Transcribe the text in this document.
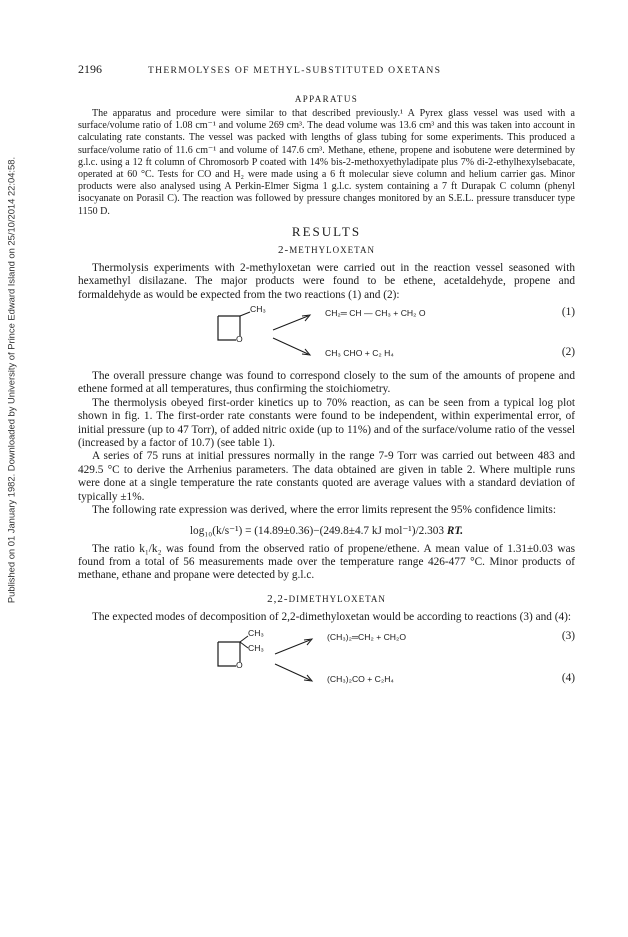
Published on 01 January 1982. Downloaded by University of Prince Edward Island on 25/10/2014 22:04:58.
2196	THERMOLYSES OF METHYL-SUBSTITUTED OXETANS
APPARATUS

The apparatus and procedure were similar to that described previously.¹ A Pyrex glass vessel was used with a surface/volume ratio of 1.08 cm⁻¹ and volume 269 cm³. The dead volume was 13.6 cm³ and this was taken into account in calculating rate constants. The vessel was packed with lengths of glass tubing for some experiments. This produced a surface/volume ratio of 11.6 cm⁻¹ and volume of 147.6 cm³. Methane, ethene, propene and isobutene were determined by g.l.c. using a 12 ft column of Chromosorb P coated with 14% bis-2-methoxyethyladipate plus 7% di-2-ethylhexylsebacate, operated at 60 °C. Tests for CO and H₂ were made using a 6 ft molecular sieve column and helium carrier gas. Minor products were also analysed using A Perkin-Elmer Sigma 1 g.l.c. system containing a 7 ft Durapak C column (phenyl isocyanate on Porasil C). The reaction was followed by pressure changes monitored by an S.E.L. pressure transducer type 1150 D.

RESULTS
2-METHYLOXETAN

Thermolysis experiments with 2-methyloxetan were carried out in the reaction vessel seasoned with hexamethyl disilazane. The major products were found to be ethene, acetaldehyde, propene and formaldehyde as would be expected from the two reactions (1) and (2):

CH₃
O
CH₂═ CH — CH₃ + CH₂ O
CH₃ CHO + C₂ H₄
(1)
(2)

The overall pressure change was found to correspond closely to the sum of the amounts of propene and ethene formed at all temperatures, thus confirming the stoichiometry.

The thermolysis obeyed first-order kinetics up to 70% reaction, as can be seen from a typical log plot shown in fig. 1. The first-order rate constants were found to be independent, within experimental error, of initial pressure (up to 47 Torr), of added nitric oxide (up to 11%) and of the surface/volume ratio of the vessel (increased by a factor of 10.7) (see table 1).

A series of 75 runs at initial pressures normally in the range 7-9 Torr was carried out between 483 and 429.5 °C to derive the Arrhenius parameters. The data obtained are given in table 2. Where multiple runs were done at a single temperature the rate constants quoted are average values with a standard deviation of typically ±1%.

The following rate expression was derived, where the error limits represent the 95% confidence limits:

log₁₀(k/s⁻¹) = (14.89±0.36)−(249.8±4.7 kJ mol⁻¹)/2.303 RT.

The ratio k₁/k₂ was found from the observed ratio of propene/ethene. A mean value of 1.31±0.03 was found from a total of 56 measurements made over the temperature range 426-477 °C. Minor products of methane, ethane and propane were detected by g.l.c.

2,2-DIMETHYLOXETAN

The expected modes of decomposition of 2,2-dimethyloxetan would be according to reactions (3) and (4):

CH₃
CH₃
O
(CH₃)₂═CH₂ + CH₂O
(CH₃)₂CO + C₂H₄
(3)
(4)
